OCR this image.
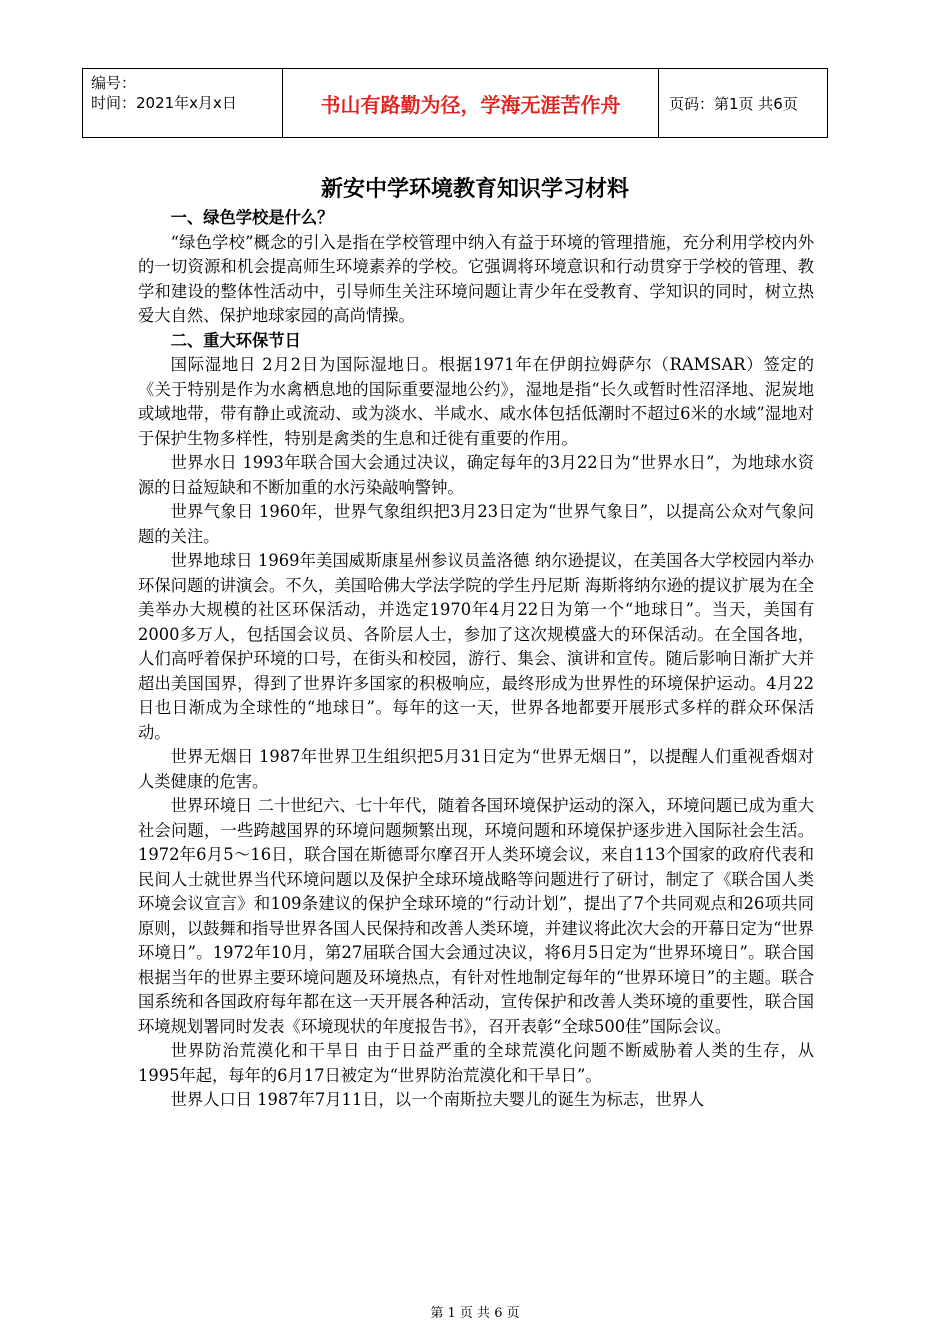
编号：
时间：2021年x月x日	书山有路勤为径，学海无涯苦作舟	页码：第1页 共6页
新安中学环境教育知识学习材料
一、绿色学校是什么？

“绿色学校”概念的引入是指在学校管理中纳入有益于环境的管理措施，充分利用学校内外的一切资源和机会提高师生环境素养的学校。它强调将环境意识和行动贯穿于学校的管理、教学和建设的整体性活动中，引导师生关注环境问题让青少年在受教育、学知识的同时，树立热爱大自然、保护地球家园的高尚情操。

二、重大环保节日

国际湿地日 2月2日为国际湿地日。根据1971年在伊朗拉姆萨尔（RAMSAR）签定的《关于特别是作为水禽栖息地的国际重要湿地公约》，湿地是指“长久或暂时性沼泽地、泥炭地或域地带，带有静止或流动、或为淡水、半咸水、咸水体包括低潮时不超过6米的水域”湿地对于保护生物多样性，特别是禽类的生息和迁徙有重要的作用。

世界水日 1993年联合国大会通过决议，确定每年的3月22日为“世界水日”，为地球水资源的日益短缺和不断加重的水污染敲响警钟。

世界气象日 1960年，世界气象组织把3月23日定为“世界气象日”，以提高公众对气象问题的关注。

世界地球日 1969年美国威斯康星州参议员盖洛德 纳尔逊提议，在美国各大学校园内举办环保问题的讲演会。不久，美国哈佛大学法学院的学生丹尼斯 海斯将纳尔逊的提议扩展为在全美举办大规模的社区环保活动，并选定1970年4月22日为第一个“地球日”。当天，美国有2000多万人，包括国会议员、各阶层人士，参加了这次规模盛大的环保活动。在全国各地，人们高呼着保护环境的口号，在街头和校园，游行、集会、演讲和宣传。随后影响日渐扩大并超出美国国界，得到了世界许多国家的积极响应，最终形成为世界性的环境保护运动。4月22日也日渐成为全球性的“地球日”。每年的这一天，世界各地都要开展形式多样的群众环保活动。

世界无烟日 1987年世界卫生组织把5月31日定为“世界无烟日”，以提醒人们重视香烟对人类健康的危害。

世界环境日 二十世纪六、七十年代，随着各国环境保护运动的深入，环境问题已成为重大社会问题，一些跨越国界的环境问题频繁出现，环境问题和环境保护逐步进入国际社会生活。1972年6月5～16日，联合国在斯德哥尔摩召开人类环境会议，来自113个国家的政府代表和民间人士就世界当代环境问题以及保护全球环境战略等问题进行了研讨，制定了《联合国人类环境会议宣言》和109条建议的保护全球环境的“行动计划”，提出了7个共同观点和26项共同原则，以鼓舞和指导世界各国人民保持和改善人类环境，并建议将此次大会的开幕日定为“世界环境日”。1972年10月，第27届联合国大会通过决议，将6月5日定为“世界环境日”。联合国根据当年的世界主要环境问题及环境热点，有针对性地制定每年的“世界环境日”的主题。联合国系统和各国政府每年都在这一天开展各种活动，宣传保护和改善人类环境的重要性，联合国环境规划署同时发表《环境现状的年度报告书》，召开表彰“全球500佳”国际会议。

世界防治荒漠化和干旱日 由于日益严重的全球荒漠化问题不断威胁着人类的生存，从1995年起，每年的6月17日被定为“世界防治荒漠化和干旱日”。

世界人口日 1987年7月11日，以一个南斯拉夫婴儿的诞生为标志，世界人

第 1 页 共 6 页
